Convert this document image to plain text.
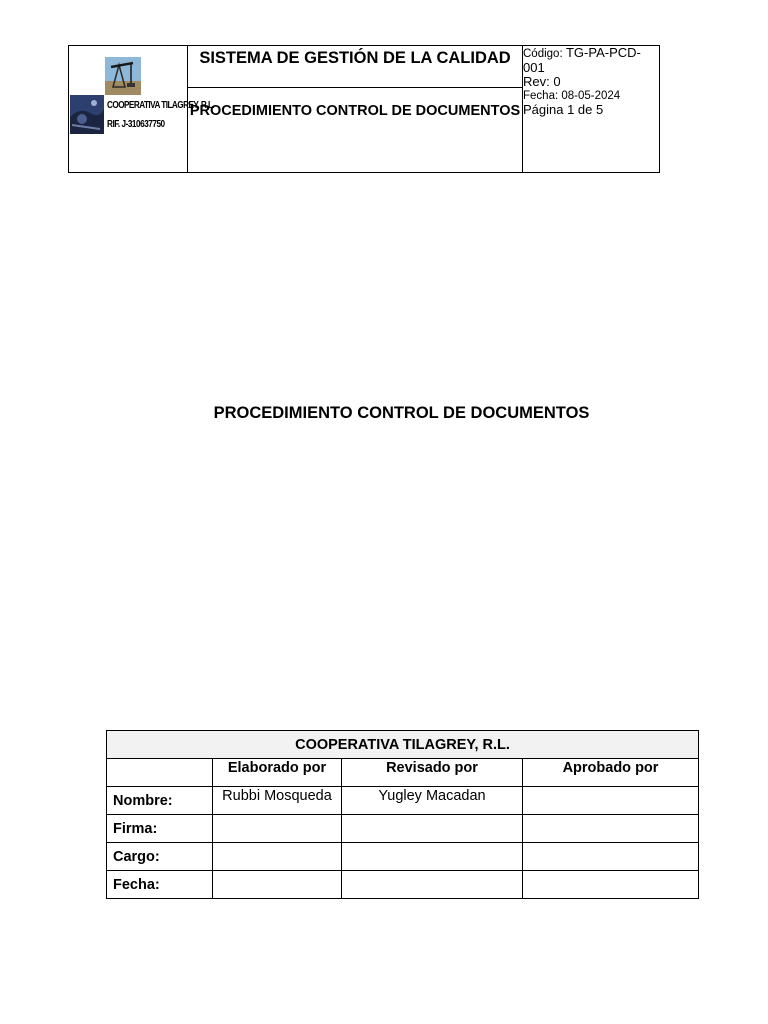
COOPERATIVA TILAGREY, R.L.
RIF. J-310637750

SISTEMA DE GESTIÓN DE LA CALIDAD
PROCEDIMIENTO CONTROL DE DOCUMENTOS

Código: TG-PA-PCD-001
Rev: 0
Fecha: 08-05-2024
Página 1 de 5
PROCEDIMIENTO CONTROL DE DOCUMENTOS
COOPERATIVA TILAGREY, R.L.			
	Elaborado por	Revisado por	Aprobado por
Nombre:	Rubbi Mosqueda	Yugley Macadan	
Firma:			
Cargo:			
Fecha:			
